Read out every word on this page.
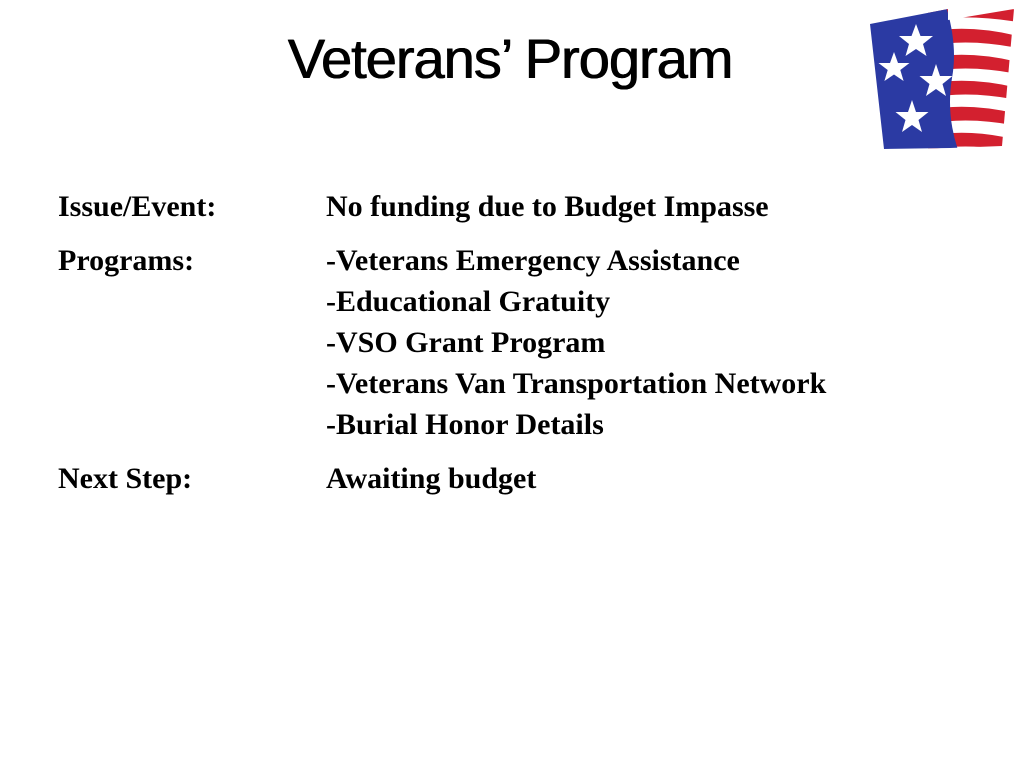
Veterans’ Program
Issue/Event:	No funding due to Budget Impasse
Programs:	-Veterans Emergency Assistance
-Educational Gratuity
-VSO Grant Program
-Veterans Van Transportation Network
-Burial Honor Details
Next Step:	Awaiting budget
